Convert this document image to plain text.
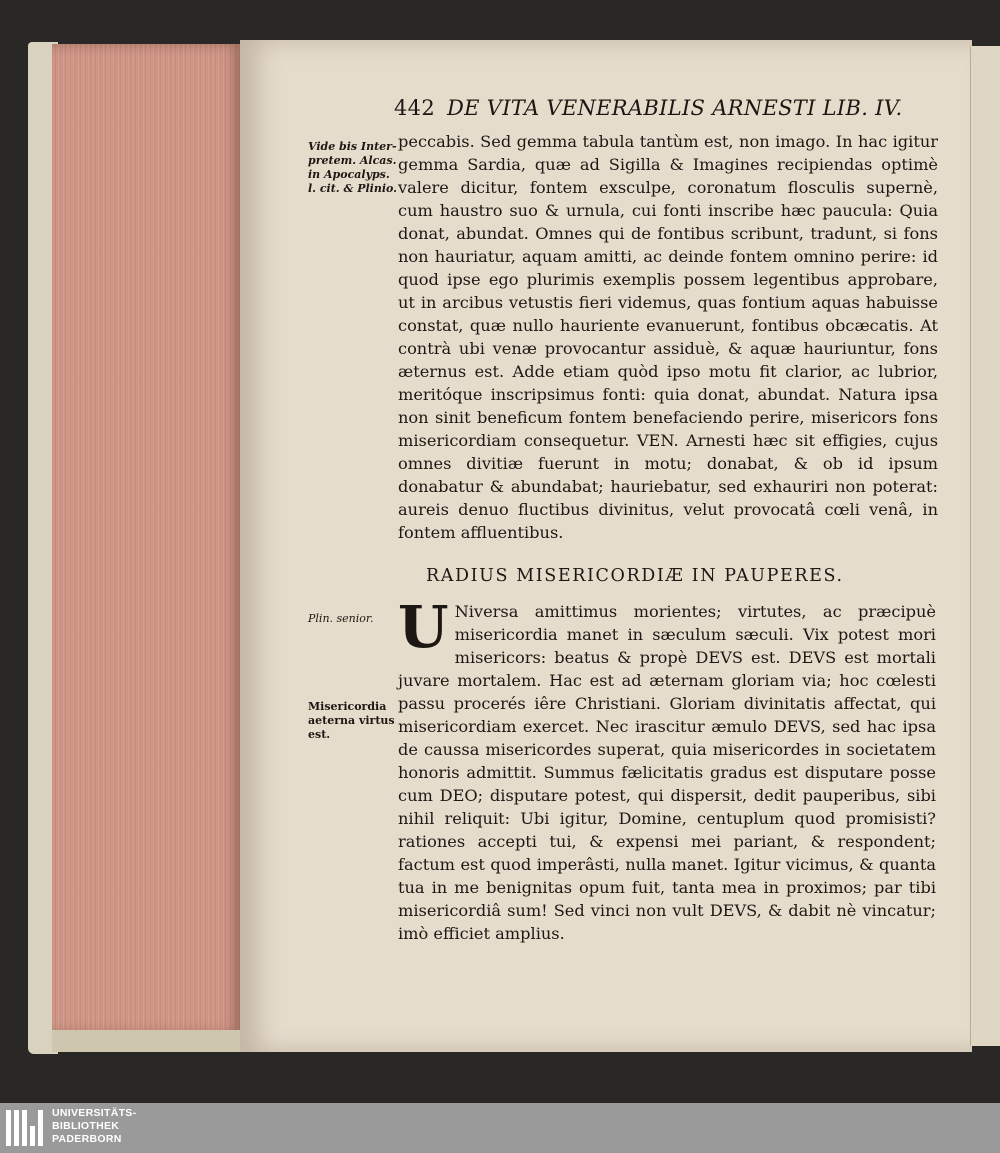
442 DE VITA VENERABILIS ARNESTI LIB. IV.
Vide bis Inter-pretem. Alcas. in Apocalyps. l. cit. & Plinio.
Plin. senior.
Misericordia aeterna virtus est.
peccabis. Sed gemma tabula tantùm est, non imago. In hac igitur gemma Sardia, quæ ad Sigilla & Imagines recipiendas optimè valere dicitur, fontem exsculpe, coronatum flosculis supernè, cum haustro suo & urnula, cui fonti inscribe hæc paucula: Quia donat, abundat. Omnes qui de fontibus scribunt, tradunt, si fons non hauriatur, aquam amitti, ac deinde fontem omnino perire: id quod ipse ego plurimis exemplis possem legentibus approbare, ut in arcibus vetustis fieri videmus, quas fontium aquas habuisse constat, quæ nullo hauriente evanuerunt, fontibus obcæcatis. At contrà ubi venæ provocantur assiduè, & aquæ hauriuntur, fons æternus est. Adde etiam quòd ipso motu fit clarior, ac lubrior, meritóque inscripsimus fonti: quia donat, abundat. Natura ipsa non sinit beneficum fontem benefaciendo perire, misericors fons misericordiam consequetur. VEN. Arnesti hæc sit effigies, cujus omnes divitiæ fuerunt in motu; donabat, & ob id ipsum donabatur & abundabat; hauriebatur, sed exhauriri non poterat: aureis denuo fluctibus divinitus, velut provocatâ cœli venâ, in fontem affluentibus.
RADIUS MISERICORDIÆ IN PAUPERES.
U Niversa amittimus morientes; virtutes, ac præcipuè misericordia manet in sæculum sæculi. Vix potest mori misericors: beatus & propè DEVS est. DEVS est mortali juvare mortalem. Hac est ad æternam gloriam via; hoc cœlesti passu procerés iêre Christiani. Gloriam divinitatis affectat, qui misericordiam exercet. Nec irascitur æmulo DEVS, sed hac ipsa de caussa misericordes superat, quia misericordes in societatem honoris admittit. Summus fælicitatis gradus est disputare posse cum DEO; disputare potest, qui dispersit, dedit pauperibus, sibi nihil reliquit: Ubi igitur, Domine, centuplum quod promisisti? rationes accepti tui, & expensi mei pariant, & respondent; factum est quod imperâsti, nulla manet. Igitur vicimus, & quanta tua in me benignitas opum fuit, tanta mea in proximos; par tibi misericordiâ sum! Sed vinci non vult DEVS, & dabit nè vincatur; imò efficiet amplius.
UNIVERSITÄTS-
BIBLIOTHEK
PADERBORN
